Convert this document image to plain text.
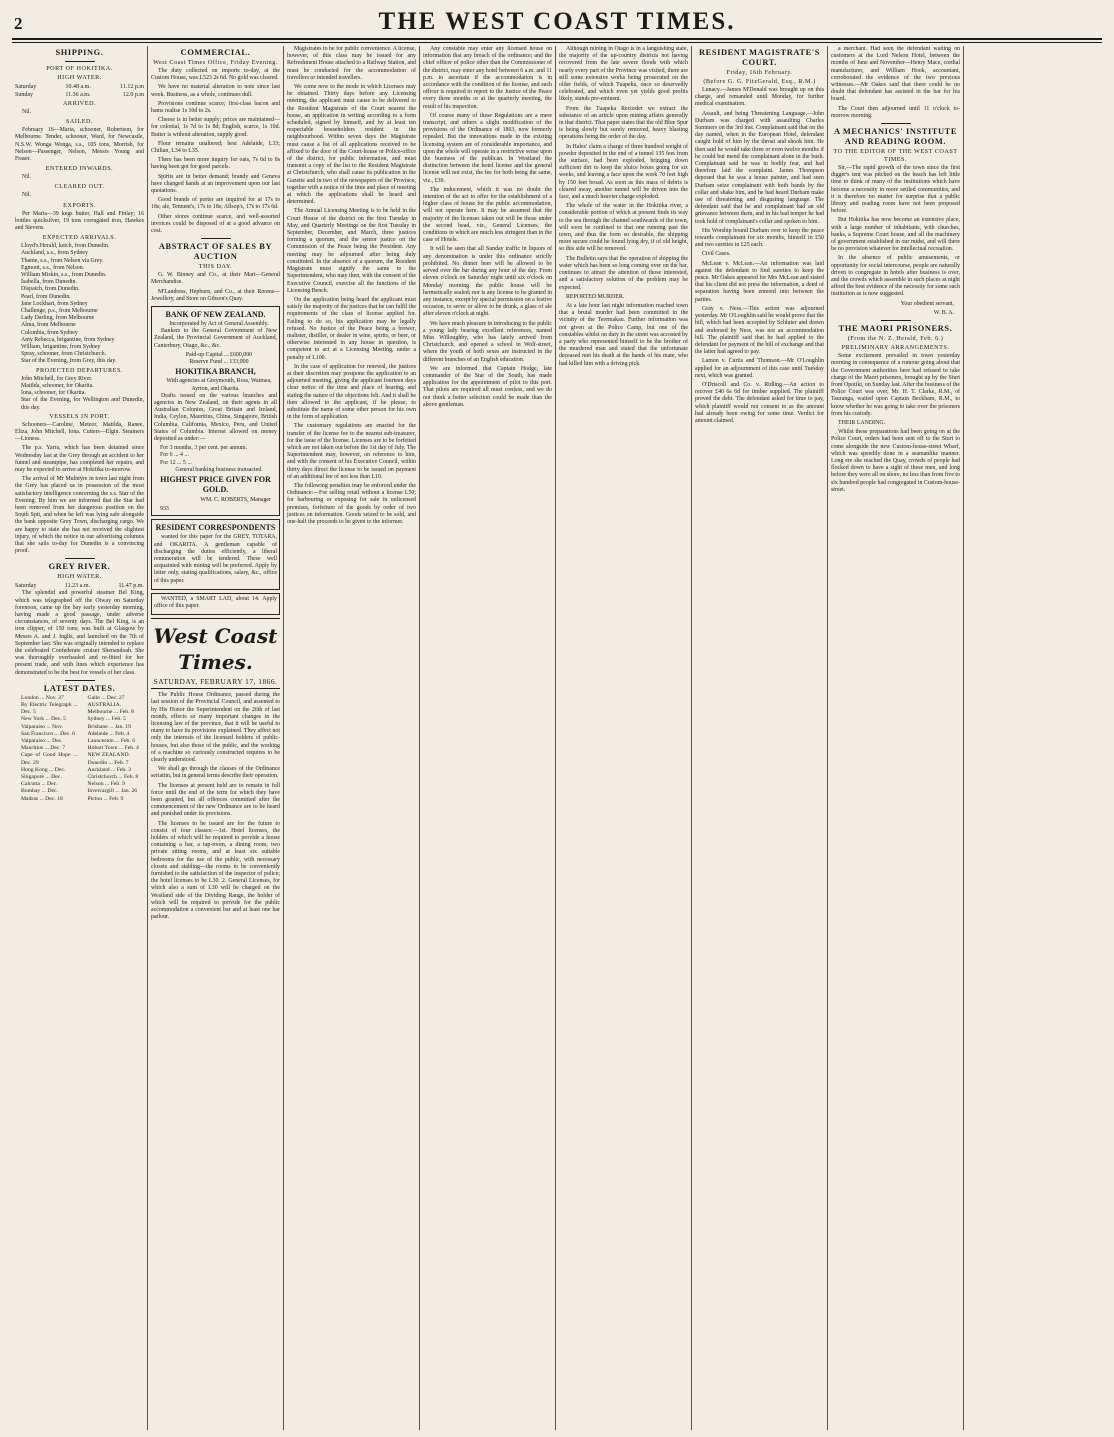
2	THE WEST COAST TIMES.
SHIPPING.
PORT OF HOKITIKA.
HIGH WATER.
Saturday	10.48 a.m.	11.12 p.m
Sunday	11.36 a.m.	12.0 p.m
ARRIVED.

Nil.

SAILED.

February 16—Maria, schooner, Robertson, for Melbourne. Tender, schooner, Ward, for Newcastle, N.S.W. Wonga Wonga, s.s., 105 tons, Morrish, for Nelson—Passenger, Nelson, Messrs Young and Fraser.

ENTERED INWARDS.

Nil.

CLEARED OUT.

Nil.

EXPORTS.

Per Maria—39 kegs butter, Hall and Finlay; 16 bottles quicksilver, 19 tons corrugated iron, Hawkes and Stevens.

EXPECTED ARRIVALS.

Lloyd's Herald, ketch, from Dunedin.

Auckland, s.s., from Sydney

Thame, s.s., from Nelson via Grey.

Egmont, s.s., from Nelson.

William Miskin, s.s., from Dunedin.

Isabella, from Dunedin.

Dispatch, from Dunedin.

Pearl, from Dunedin.

Jane Lockhart, from Sydney

Challenge, p.s., from Melbourne

Lady Darling, from Melbourne

Alma, from Melbourne

Colombia, from Sydney

Amy Rebecca, brigantine, from Sydney

William, brigantine, from Sydney

Spray, schooner, from Christchurch.

Star of the Evening, from Grey, this day.

PROJECTED DEPARTURES.

John Mitchell, for Grey River.

Matilda, schooner, for Okarita.

Iona, schooner, for Okarita.

Star of the Evening, for Wellington and Dunedin, this day.

VESSELS IN PORT.

Schooners—Caroline, Meteor, Matilda, Ranee, Eliza, John Mitchell, Iona. Cutters—Elgin. Steamers—Lioness.

The p.s. Yarra, which has been detained since Wednesday last at the Grey through an accident to her funnel and steampipe, has completed her repairs, and may be expected to arrive at Hokitika to-morrow.

The arrival of Mr Mulntyre in town last night from the Grey has placed us in possession of the most satisfactory intelligence concerning the s.s. Star of the Evening. By him we are informed that the Star had been removed from her dangerous position on the South Spit, and when he left was lying safe alongside the bank opposite Grey Town, discharging cargo. We are happy to state she has not received the slightest injury, of which the notice in our advertising columns that she sails to-day for Dunedin is a convincing proof.

GREY RIVER.
HIGH WATER.
Saturday	11.23 a.m.	11.47 p.m.

The splendid and powerful steamer Bel King, which was telegraphed off the Otway on Saturday forenoon, came up the bay early yesterday morning, having made a good passage, under adverse circumstances, of seventy days. The Bel King, is an iron clipper, of 150 tons; was built at Glasgow by Messrs A. and J. Inglis, and launched on the 7th of September last. She was originally intended to replace the celebrated Confederate cruiser Shenandoah. She was thoroughly overhauled and re-fitted for her present trade, and with lines which experience has demonstrated to be the best for vessels of her class.

LATEST DATES.

London ... Nov. 27

By Electric Telegraph ... Dec. 5

New York ... Dec. 5

Valparaiso ... Nov.

San Francisco ... Dec. 6

Valparaiso ... Dec.

Mauritius ... Dec. 7

Cape of Good Hope ... Dec. 29

Hong Kong ... Dec.

Singapore ... Dec.

Calcutta ... Dec.

Bombay ... Dec.

Madras ... Dec. 18

Galle ... Dec. 27

AUSTRALIA.

Melbourne ... Feb. 8

Sydney ... Feb. 5

Brisbane ... Jan. 19

Adelaide ... Feb. 4

Launceston ... Feb. 6

Hobart Town ... Feb. 4

NEW ZEALAND.

Dunedin ... Feb. 7

Auckland ... Feb. 3

Christchurch ... Feb. 8

Nelson ... Feb. 9

Invercargill ... Jan. 26

Picton ... Feb. 9

COMMERCIAL.
West Coast Times Office, Friday Evening.

The duty collected on imports to-day, at the Custom House, was L523 2s 6d. No gold was cleared.

We have no material alteration to note since last week. Business, as a whole, continues dull.

Provisions continue scarce; first-class bacon and hams realise 1s 10d to 2s.

Cheese is in better supply; prices are maintained—for colonial, 1s 7d to 1s 8d; English, scarce, 1s 10d. Butter is without alteration, supply good.

Flour remains unaltered; best Adelaide, L33; Chilian, L34 to L35.

There has been more inquiry for oats, 7s 6d to 8s having been got for good parcels.

Spirits are in better demand; brandy and Geneva have changed hands at an improvement upon our last quotations.

Good brands of porter are inquired for at 17s to 18s; ale, Tennent's, 17s to 18s; Allsop's, 17s to 17s 6d.

Other stores continue scarce, and well-assorted invoices could be disposed of at a good advance on cost.

ABSTRACT OF SALES BY AUCTION
THIS DAY.

G. W. Binney and Co., at their Mart—General Merchandise.

M'Landress, Hepburn, and Co., at their Rooms—Jewellery, and Store on Gibson's Quay.

BANK OF NEW ZEALAND.

Incorporated by Act of General Assembly.

Bankers to the General Government of New Zealand, the Provincial Government of Auckland, Canterbury, Otago, &c., &c.

Paid-up Capital ... £600,000

Reserve Fund ... 133,000

HOKITIKA BRANCH,

With agencies at Greymouth, Ross, Waimea, Ayrton, and Okarita.

Drafts issued on the various branches and agencies in New Zealand, on their agents in all Australian Colonies, Great Britain and Ireland, India, Ceylon, Mauritius, China, Singapore, British Columbia, California, Mexico, Peru, and United States of Columbia. Interest allowed on money deposited as under:—

For 3 months, 3 per cent. per annum.

For 6 ... 4 ...

For 12 ... 5 ...

General banking business transacted.

HIGHEST PRICE GIVEN FOR GOLD.

WM. C. ROBERTS, Manager

933

RESIDENT CORRESPONDENTS

wanted for this paper for the GREY, TOTARA, and OKARITA. A gentleman capable of discharging the duties efficiently, a liberal remuneration will be tendered. These well acquainted with mining will be preferred. Apply by letter only, stating qualifications, salary, &c., office of this paper.

WANTED, a SMART LAD, about 14. Apply office of this paper.

West Coast Times.
SATURDAY, FEBRUARY 17, 1866.

The Public House Ordinance, passed during the last session of the Provincial Council, and assented to by His Honor the Superintendent on the 26th of last month, effects so many important changes in the licensing law of the province, that it will be useful to many to have its provisions explained. They affect not only the interests of the licensed holders of public-houses, but also those of the public, and the working of a machine so curiously constructed requires to be clearly understood.

We shall go through the clauses of the Ordinance seriatim, but in general terms describe their operation.

The licenses at present held are to remain in full force until the end of the term for which they have been granted, but all offences committed after the commencement of the new Ordinance are to be heard and punished under its provisions.

The licenses to be issued are for the future to consist of four classes:—1st. Hotel licenses, the holders of which will be required to provide a house containing a bar, a tap-room, a dining room, two private sitting rooms, and at least six suitable bedrooms for the use of the public, with necessary closets and stabling—the rooms to be conveniently furnished to the satisfaction of the inspector of police; the hotel licenses to be L30. 2. General Licenses, for which also a sum of L30 will be charged on the Westland side of the Dividing Range, the holder of which will be required to provide for the public accommodation a convenient bar and at least one bar parlour.

Magistrates to be for public convenience. A license, however, of this class may be issued for any Refreshment House attached to a Railway Station, and must be conducted for the accommodation of travellers or intended travellers.

We come now to the mode in which Licenses may be obtained. Thirty days before any Licensing meeting, the applicant must cause to be delivered to the Resident Magistrate of the Court nearest the house, an application in writing according to a form scheduled, signed by himself, and by at least ten respectable householders resident in the neighbourhood. Within seven days the Magistrate must cause a list of all applications received to be affixed to the door of the Court-house or Police-office of the district, for public information, and must transmit a copy of the list to the Resident Magistrate at Christchurch, who shall cause its publication in the Gazette and in two of the newspapers of the Province, together with a notice of the time and place of meeting at which the applications shall be heard and determined.

The Annual Licensing Meeting is to be held in the Court House of the district on the first Tuesday in May, and Quarterly Meetings on the first Tuesday in September, December, and March, three justices forming a quorum, and the senior justice on the Commission of the Peace being the President. Any meeting may be adjourned after being duly constituted. In the absence of a quorum, the Resident Magistrate must signify the same to the Superintendent, who may then, with the consent of the Executive Council, exercise all the functions of the Licensing Bench.

On the application being heard the applicant must satisfy the majority of the justices that he can fulfil the requirements of the class of license applied for. Failing to do so, his application may be legally refused. No Justice of the Peace being a brewer, maltster, distiller, or dealer in wine, spirits, or beer, or otherwise interested in any house in question, is competent to act at a Licensing Meeting, under a penalty of L100.

In the case of application for renewal, the justices at their discretion may postpone the application to an adjourned meeting, giving the applicant fourteen days clear notice of the time and place of hearing, and stating the nature of the objections felt. And it shall be then allowed to the applicant, if he please, to substitute the name of some other person for his own in the form of application.

The customary regulations are enacted for the transfer of the license fee to the nearest sub-treasurer, for the issue of the license. Licenses are to be forfeited which are not taken out before the 1st day of July. The Superintendent may, however, on reference to him, and with the consent of his Executive Council, within thirty days direct the license to be issued on payment of an additional fee of not less than L10.

The following penalties may be enforced under the Ordinance:—For selling retail without a license L50; for harbouring or exposing for sale in unlicensed premises, forfeiture of the goods by order of two justices on information. Goods seized to be sold, and one-half the proceeds to be given to the informer.

Any constable may enter any licensed house on information that any breach of the ordinance; and the chief officer of police other than the Commissioner of the district, may enter any hotel between 6 a.m. and 11 p.m. to ascertain if the accommodation is in accordance with the condition of the license, and such officer is required to report to the Justice of the Peace every three months or at the quarterly meeting, the result of his inspection.

Of course many of these Regulations are a mere transcript, and others a slight modification of the provisions of the Ordinance of 1863, now formerly repealed. But the innovations made in the existing licensing system are of considerable importance, and upon the whole will operate in a restrictive sense upon the business of the publican. In Westland the distinction between the hotel license and the general license will not exist, the fee for both being the same, viz., £30.

The inducement, which it was no doubt the intention of the act to offer for the establishment of a higher class of house for the public accommodation, will not operate here. It may be assumed that the majority of the licenses taken out will be those under the second head, viz., General Licenses, the conditions in which are much less stringent than in the case of Hotels.

It will be seen that all Sunday traffic in liquors of any denomination is under this ordinance strictly prohibited. No dinner beer will be allowed to be served over the bar during any hour of the day. From eleven o'clock on Saturday night until six o'clock on Monday morning the public house will be hermetically sealed; nor is any license to be granted in any instance, except by special permission on a festive occasion, to serve or allow to be drunk, a glass of ale after eleven o'clock at night.

We have much pleasure in introducing to the public a young lady bearing excellent references, named Miss Willoughby, who has lately arrived from Christchurch, and opened a school in Wolf-street, where the youth of both sexes are instructed in the different branches of an English education.

We are informed that Captain Hodge, late commander of the Star of the South, has made application for the appointment of pilot to this port. That pilots are required all must confess, and we do not think a better selection could be made than the above gentleman.

Although mining in Otago is in a languishing state, the majority of the up-country districts not having recovered from the late severe floods with which nearly every part of the Province was visited, there are still some extensive works being prosecuted on the older fields, of which Tuapeka, once so deservedly celebrated, and which even yet yields good profits likely, stands pre-eminent.

From the Tuapeka Recorder we extract the substance of an article upon mining affairs generally in that district. That paper states that the old Blue Spur is being slowly but surely removed, heavy blasting operations being the order of the day.

In Hales' claim a charge of three hundred weight of powder deposited in the end of a tunnel 135 feet from the surface, had been exploded, bringing down sufficient dirt to keep the sluice boxes going for six weeks, and leaving a face upon the work 70 feet high by 150 feet broad. As soon as this mass of debris is cleared away, another tunnel will be driven into the face, and a much heavier charge exploded.

The whole of the water in the Hokitika river, a considerable portion of which at present finds its way to the sea through the channel southwards of the town, will soon be confined to that one running past the town, and thus the form so desirable, the shipping more secure could be found lying dry, if of old height, so this side will be removed.

The Bulletin says that the operation of shipping the water which has been so long coming over on the bar, continues to attract the attention of those interested, and a satisfactory solution of the problem may be expected.

REPORTED MURDER.

At a late hour last night information reached town that a brutal murder had been committed in the vicinity of the Teremakau. Further information was not given at the Police Camp, but one of the constables whilst on duty in the street was accosted by a party who represented himself to be the brother of the murdered man and stated that the unfortunate deceased met his death at the hands of his mate, who had killed him with a driving pick.

RESIDENT MAGISTRATE'S COURT.
Friday, 16th February.
(Before G. G. FitzGerald, Esq., R.M.)

Lunacy.—James M'Donald was brought up on this charge, and remanded until Monday, for further medical examination.

Assault, and being Threatening Language.—John Durham was charged with assaulting Charles Summers on the 3rd inst. Complainant said that on the day named, when in the European Hotel, defendant caught hold of him by the throat and shook him. He then said he would take three or even twelve months if he could but mend the complainant alone in the bush. Complainant said he was in bodily fear, and had therefore laid the complaint. James Thompson deposed that he was a house painter, and had seen Durham seize complainant with both hands by the collar and shake him, and he had heard Durham make use of threatening and disgusting language. The defendant said that he and complainant had an old grievance between them, and in his bad temper he had took hold of complainant's collar and spoken to him.

His Worship bound Durham over to keep the peace towards complainant for six months, himself in £50 and two sureties in £25 each.

Civil Cases.

McLean v. McLean.—An information was laid against the defendant to find sureties to keep the peace. Mr Oakes appeared for Mrs McLean and stated that his client did not press the information, a deed of separation having been entered into between the parties.

Gray v. Ness.—This action was adjourned yesterday. Mr O'Loughlin said he would prove that the bill, which had been accepted by Schluter and drawn and endorsed by Ness, was not an accommodation bill. The plaintiff said that he had applied to the defendant for payment of the bill of exchange and that the latter had agreed to pay.

Lamon v. Curtis and Thomson.—Mr O'Loughlin applied for an adjournment of this case until Tuesday next, which was granted.

O'Driscoll and Co. v. Ridling.—An action to recover £40 6s 6d for timber supplied. The plaintiff proved the debt. The defendant asked for time to pay, which plaintiff would not consent to as the amount had already been owing for some time. Verdict for amount claimed.

a merchant. Had seen the defendant waiting on customers at the Lord Nelson Hotel, between the months of June and November—Henry Mace, cordial manufacturer, and William Hook, accountant, corroborated the evidence of the two previous witnesses.—Mr Oakes said that there could be no doubt that defendant has assisted in the bar for his board.

The Court then adjourned until 11 o'clock to-morrow morning.

A MECHANICS' INSTITUTE AND READING ROOM.
TO THE EDITOR OF THE WEST COAST TIMES.

Sir,—The rapid growth of the town since the first digger's tent was pitched on the beach has left little time to think of many of the institutions which have become a necessity in more settled communities, and it is therefore no matter for surprise that a public library and reading room have not been proposed before.

But Hokitika has now become an extensive place, with a large number of inhabitants, with churches, banks, a Supreme Court house, and all the machinery of government established in our midst, and will there be no provision whatever for intellectual recreation.

In the absence of public amusements, or opportunity for social intercourse, people are naturally driven to congregate in hotels after business is over, and the crowds which assemble in such places at night afford the best evidence of the necessity for some such institution as is now suggested.

Your obedient servant,

W. B. A.

THE MAORI PRISONERS.
(From the N. Z. Herald, Feb. 6.)
PRELIMINARY ARRANGEMENTS.

Some excitement prevailed in town yesterday morning in consequence of a rumour going about that the Government authorities here had refused to take charge of the Maori prisoners, brought up by the Sturt from Opotiki, on Sunday last. After the business of the Police Court was over, Mr. H. T. Clarke, R.M., of Tauranga, waited upon Captain Beckham, R.M., to know whether he was going to take over the prisoners from his custody.

THEIR LANDING.

Whilst these preparations had been going on at the Police Court, orders had been sent off to the Sturt to come alongside the new Custom-house-street Wharf, which was speedily done in a seamanlike manner. Long ere she reached the Quay, crowds of people had flocked down to have a sight of these men, and long before they were all on shore, no less than from five to six hundred people had congregated in Custom-house-street.
